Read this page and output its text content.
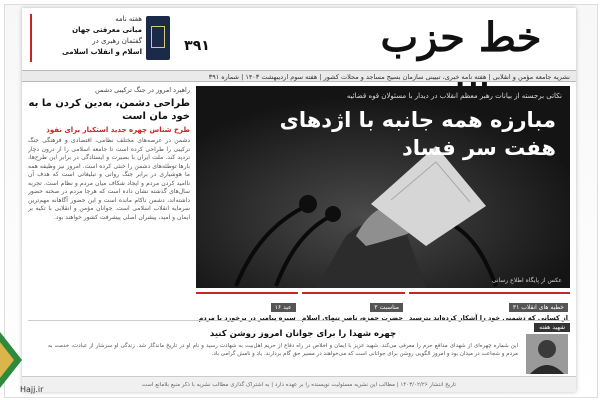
هفته نامه
مبانی معرفتی جهان
گفتمان رهبری در
اسلام و انقلاب اسلامی	۳۹۱	خط حزب
نشریه جامعه مؤمن و انقلابی | هفته نامه خبری، تبیینی سازمان بسیج مساجد و محلات کشور | هفته سوم اردیبهشت ۱۴۰۳ | شماره ۳۹۱
راهبرد امروز در جنگ ترکیبی دشمن
طراحی دشمن، به‌دین کردن ما به خود مان است
طرح شناس چهره جدید استکبار برای نفوذ
دشمن در عرصه‌های مختلف نظامی، اقتصادی و فرهنگی جنگ ترکیبی را طراحی کرده است تا جامعه اسلامی را از درون دچار تردید کند. ملت ایران با بصیرت و ایستادگی در برابر این طرح‌ها، بارها توطئه‌های دشمن را خنثی کرده است. امروز نیز وظیفه همه ما هوشیاری در برابر جنگ روانی و تبلیغاتی است که هدف آن ناامید کردن مردم و ایجاد شکاف میان مردم و نظام است. تجربه سال‌های گذشته نشان داده است که هرجا مردم در صحنه حضور داشته‌اند، دشمن ناکام مانده است و این حضور آگاهانه مهم‌ترین سرمایه انقلاب اسلامی است. جوانان مؤمن و انقلابی با تکیه بر ایمان و امید، پیشران اصلی پیشرفت کشور خواهند بود.
نکاتی برجسته از بیانات رهبر معظم انقلاب در دیدار با مسئولان قوه قضائیه
مبارزه همه جانبه با اژدهای هفت سر فساد
عکس از پایگاه اطلاع رسانی
خطبه های انقلاب ۳۱
از کسانی که دشمنی خود را آشکار کرده‌اند بترسید
مناسبت ۳
حضرت حمزه، ناصر تنهای اسلام
عید ۱۶
سیره پیامبر در برخورد با مردم
شهید هفته
چهره شهدا را برای جوانان امروز روشن کنید
این شماره چهره‌ای از شهدای مدافع حرم را معرفی می‌کند. شهید عزیز با ایمان و اخلاص در راه دفاع از حریم اهل‌بیت به شهادت رسید و نام او در تاریخ ماندگار شد. زندگی او سرشار از عبادت، خدمت به مردم و شجاعت در میدان بود و امروز الگویی روشن برای جوانانی است که می‌خواهند در مسیر حق گام بردارند. یاد و نامش گرامی باد.
تاریخ انتشار ۱۴۰۳/۰۲/۲۶ | مطالب این نشریه مسئولیت نویسنده را بر عهده دارد | به اشتراک گذاری مطالب نشریه با ذکر منبع بلامانع است
Hajj.ir
